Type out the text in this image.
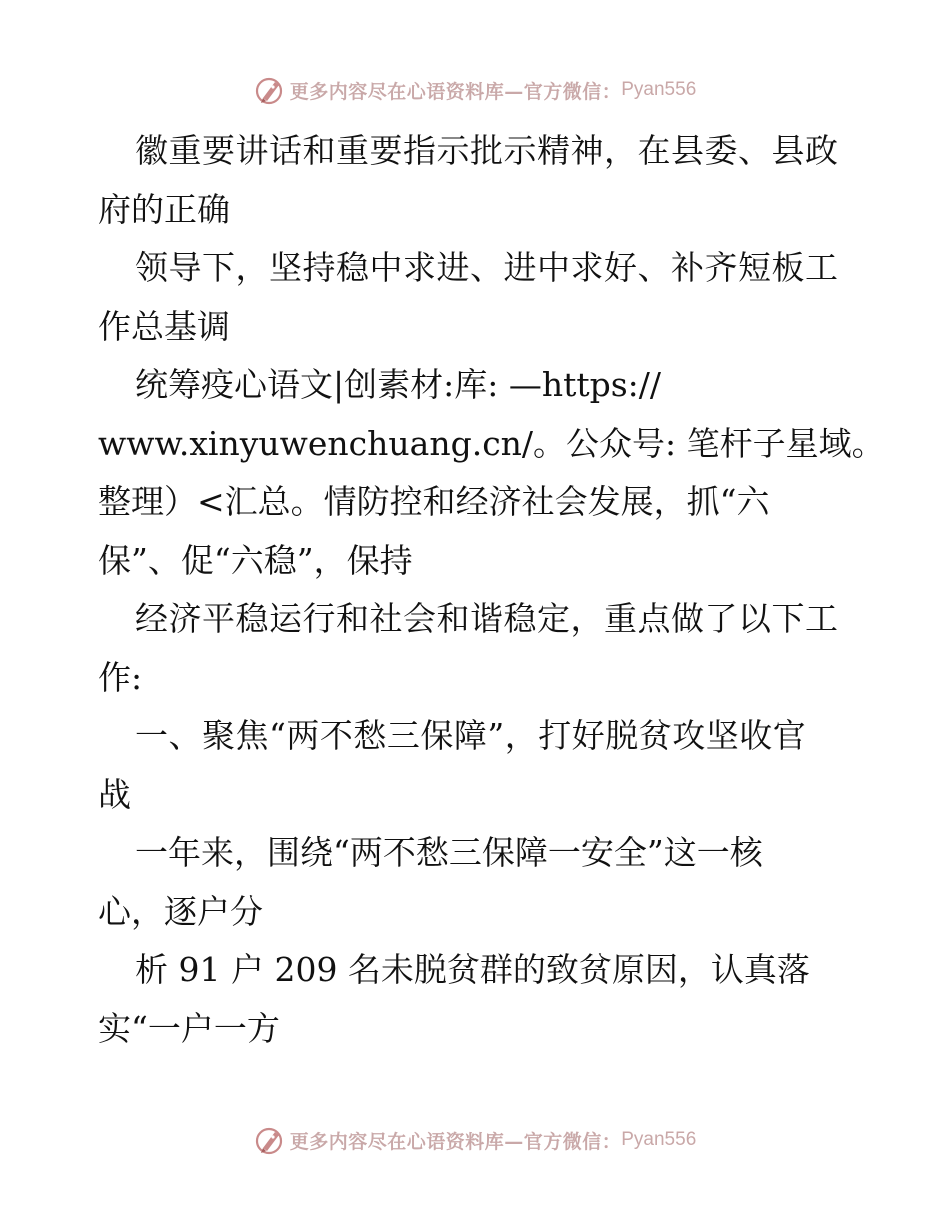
更多内容尽在心语资料库—官方微信： Pyan556
徽重要讲话和重要指示批示精神，在县委、县政
府的正确
领导下，坚持稳中求进、进中求好、补齐短板工
作总基调
统筹疫心语文|创素材:库: —https://
www.xinyuwenchuang.cn/。公众号: 笔杆子星域。
整理）<汇总。情防控和经济社会发展，抓“六
保”、促“六稳”，保持
经济平稳运行和社会和谐稳定，重点做了以下工
作:
一、聚焦“两不愁三保障”，打好脱贫攻坚收官
战
一年来，围绕“两不愁三保障一安全”这一核
心，逐户分
析 91 户 209 名未脱贫群的致贫原因，认真落
实“一户一方
更多内容尽在心语资料库—官方微信： Pyan556
